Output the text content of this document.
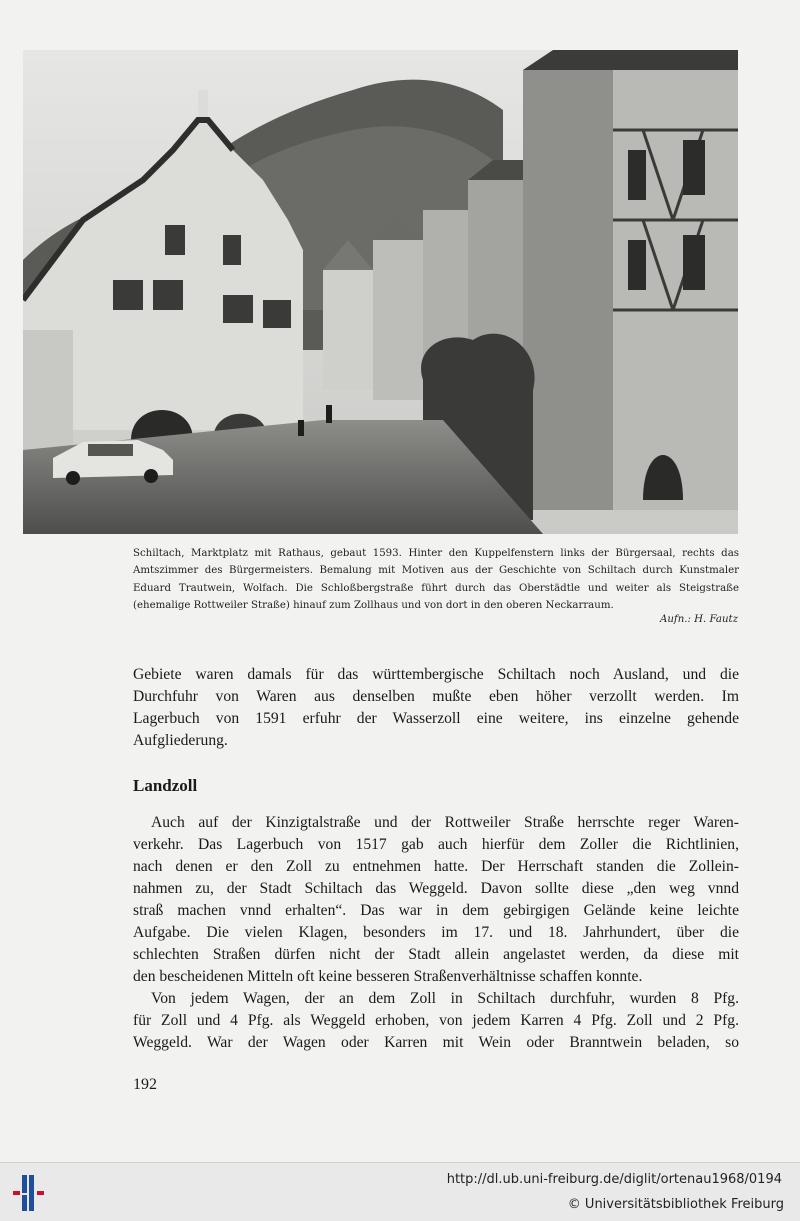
Schiltach, Marktplatz mit Rathaus, gebaut 1593. Hinter den Kuppelfenstern links der Bürgersaal, rechts das Amtszimmer des Bürgermeisters. Bemalung mit Motiven aus der Geschichte von Schiltach durch Kunstmaler Eduard Trautwein, Wolfach. Die Schloßbergstraße führt durch das Oberstädtle und weiter als Steigstraße (ehemalige Rottweiler Straße) hinauf zum Zollhaus und von dort in den oberen Neckarraum.

Aufn.: H. Fautz
Gebiete waren damals für das württembergische Schiltach noch Ausland, und die
Durchfuhr von Waren aus denselben mußte eben höher verzollt werden. Im
Lagerbuch von 1591 erfuhr der Wasserzoll eine weitere, ins einzelne gehende
Aufgliederung.
Landzoll
Auch auf der Kinzigtalstraße und der Rottweiler Straße herrschte reger Waren-
verkehr. Das Lagerbuch von 1517 gab auch hierfür dem Zoller die Richtlinien,
nach denen er den Zoll zu entnehmen hatte. Der Herrschaft standen die Zollein-
nahmen zu, der Stadt Schiltach das Weggeld. Davon sollte diese „den weg vnnd
straß machen vnnd erhalten“. Das war in dem gebirgigen Gelände keine leichte
Aufgabe. Die vielen Klagen, besonders im 17. und 18. Jahrhundert, über die
schlechten Straßen dürfen nicht der Stadt allein angelastet werden, da diese mit
den bescheidenen Mitteln oft keine besseren Straßenverhältnisse schaffen konnte.
Von jedem Wagen, der an dem Zoll in Schiltach durchfuhr, wurden 8 Pfg.
für Zoll und 4 Pfg. als Weggeld erhoben, von jedem Karren 4 Pfg. Zoll und 2 Pfg.
Weggeld. War der Wagen oder Karren mit Wein oder Branntwein beladen, so
192
http://dl.ub.uni-freiburg.de/diglit/ortenau1968/0194
© Universitätsbibliothek Freiburg
